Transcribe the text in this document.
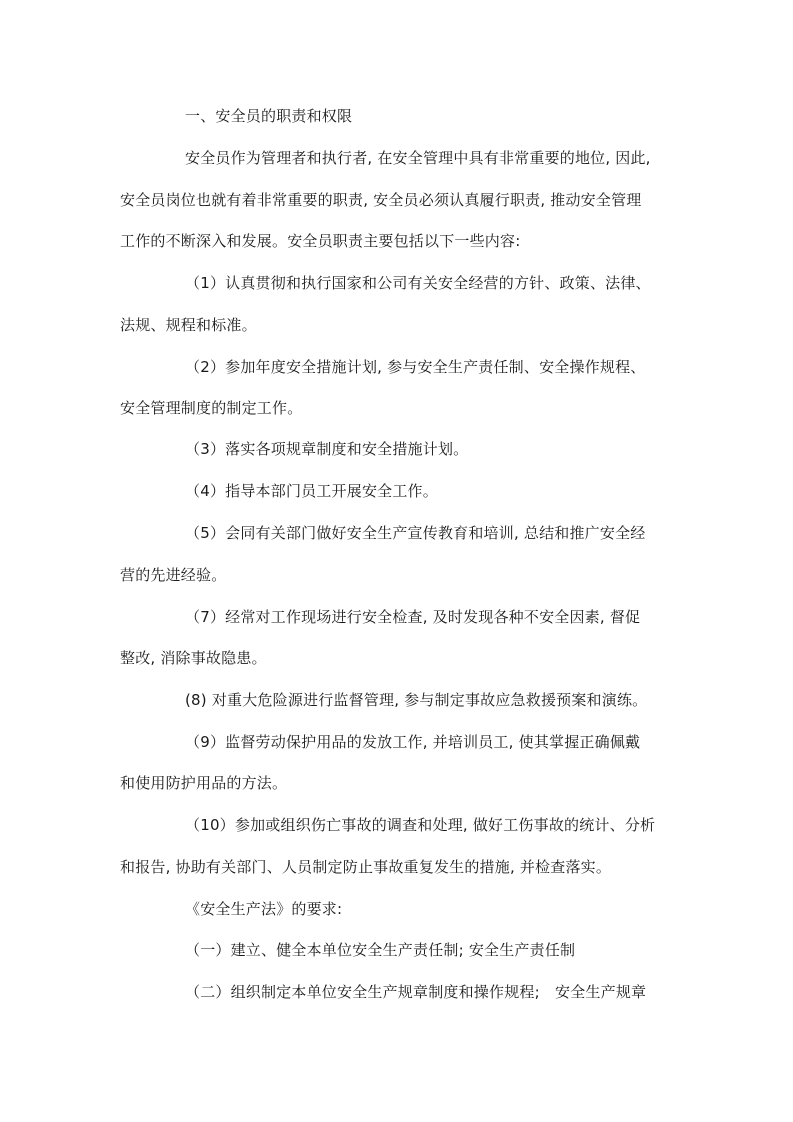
一、安全员的职责和权限
安全员作为管理者和执行者, 在安全管理中具有非常重要的地位, 因此,
安全员岗位也就有着非常重要的职责, 安全员必须认真履行职责, 推动安全管理
工作的不断深入和发展。安全员职责主要包括以下一些内容:
（1）认真贯彻和执行国家和公司有关安全经营的方针、政策、法律、
法规、规程和标准。
（2）参加年度安全措施计划, 参与安全生产责任制、安全操作规程、
安全管理制度的制定工作。
（3）落实各项规章制度和安全措施计划。
（4）指导本部门员工开展安全工作。
（5）会同有关部门做好安全生产宣传教育和培训, 总结和推广安全经
营的先进经验。
（7）经常对工作现场进行安全检查, 及时发现各种不安全因素, 督促
整改, 消除事故隐患。
(8) 对重大危险源进行监督管理, 参与制定事故应急救援预案和演练。
（9）监督劳动保护用品的发放工作, 并培训员工, 使其掌握正确佩戴
和使用防护用品的方法。
（10）参加或组织伤亡事故的调查和处理, 做好工伤事故的统计、分析
和报告, 协助有关部门、人员制定防止事故重复发生的措施, 并检查落实。
《安全生产法》的要求:
（一）建立、健全本单位安全生产责任制; 安全生产责任制
（二）组织制定本单位安全生产规章制度和操作规程;　安全生产规章
